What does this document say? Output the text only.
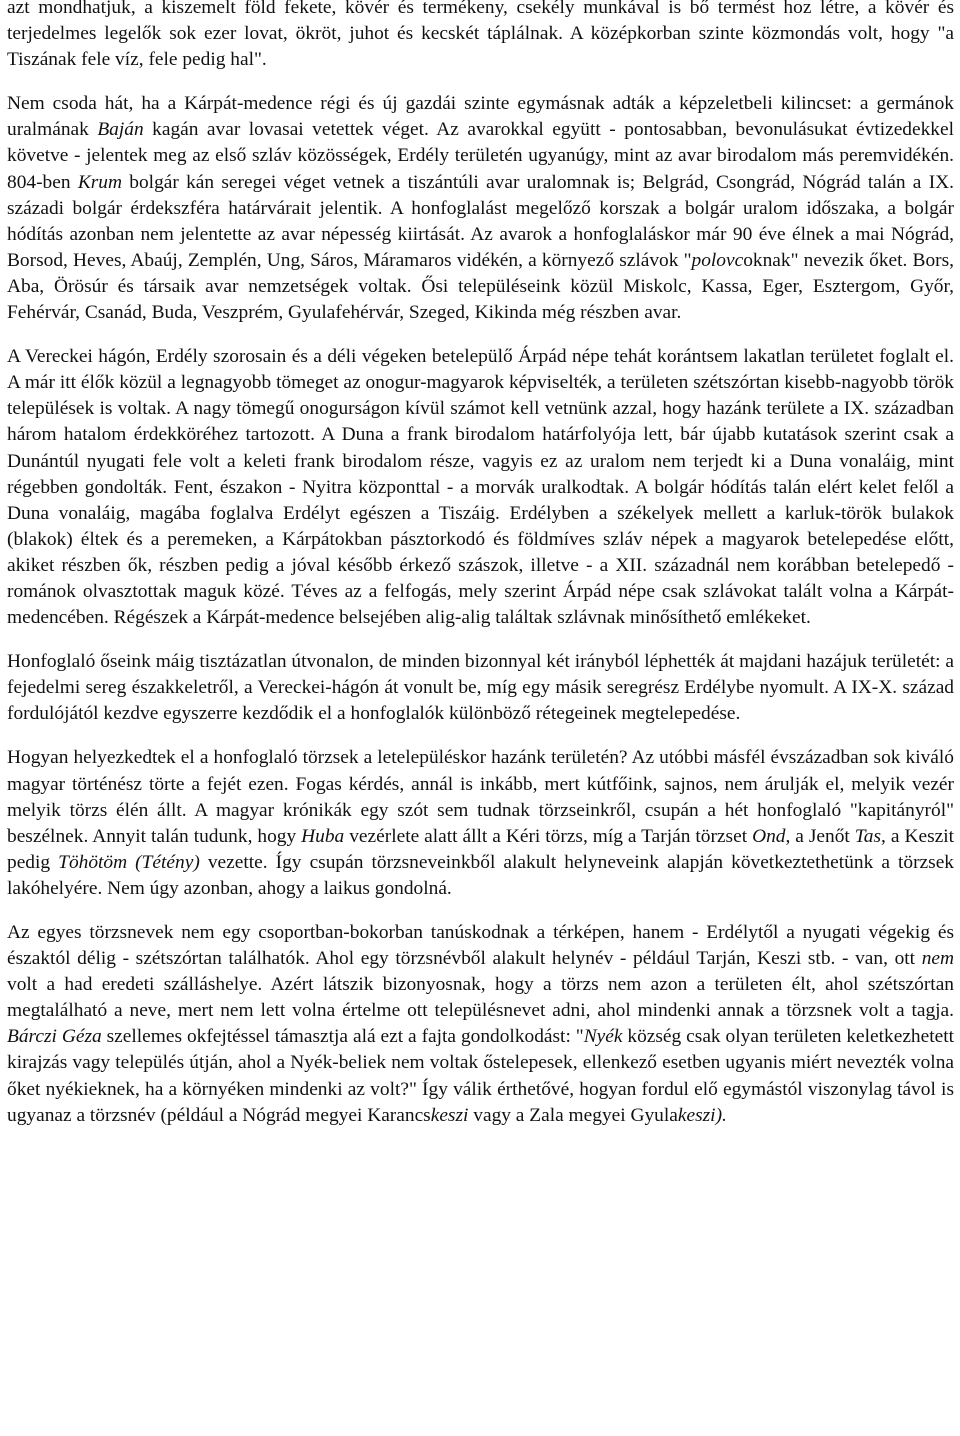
azt mondhatjuk, a kiszemelt föld fekete, kövér és termékeny, csekély munkával is bő termést hoz létre, a kövér és terjedelmes legelők sok ezer lovat, ökröt, juhot és kecskét táplálnak. A középkorban szinte közmondás volt, hogy "a Tiszának fele víz, fele pedig hal".

Nem csoda hát, ha a Kárpát-medence régi és új gazdái szinte egymásnak adták a képzeletbeli kilincset: a germánok uralmának Baján kagán avar lovasai vetettek véget. Az avarokkal együtt - pontosabban, bevonulásukat évtizedekkel követve - jelentek meg az első szláv közösségek, Erdély területén ugyanúgy, mint az avar birodalom más peremvidékén. 804-ben Krum bolgár kán seregei véget vetnek a tiszántúli avar uralomnak is; Belgrád, Csongrád, Nógrád talán a IX. századi bolgár érdekszféra határvárait jelentik. A honfoglalást megelőző korszak a bolgár uralom időszaka, a bolgár hódítás azonban nem jelentette az avar népesség kiirtását. Az avarok a honfoglaláskor már 90 éve élnek a mai Nógrád, Borsod, Heves, Abaúj, Zemplén, Ung, Sáros, Máramaros vidékén, a környező szlávok "polovcoknak" nevezik őket. Bors, Aba, Örösúr és társaik avar nemzetségek voltak. Ősi településeink közül Miskolc, Kassa, Eger, Esztergom, Győr, Fehérvár, Csanád, Buda, Veszprém, Gyulafehérvár, Szeged, Kikinda még részben avar.

A Vereckei hágón, Erdély szorosain és a déli végeken betelepülő Árpád népe tehát korántsem lakatlan területet foglalt el. A már itt élők közül a legnagyobb tömeget az onogur-magyarok képviselték, a területen szétszórtan kisebb-nagyobb török települések is voltak. A nagy tömegű onogurságon kívül számot kell vetnünk azzal, hogy hazánk területe a IX. században három hatalom érdekköréhez tartozott. A Duna a frank birodalom határfolyója lett, bár újabb kutatások szerint csak a Dunántúl nyugati fele volt a keleti frank birodalom része, vagyis ez az uralom nem terjedt ki a Duna vonaláig, mint régebben gondolták. Fent, északon - Nyitra központtal - a morvák uralkodtak. A bolgár hódítás talán elért kelet felől a Duna vonaláig, magába foglalva Erdélyt egészen a Tiszáig. Erdélyben a székelyek mellett a karluk-török bulakok (blakok) éltek és a peremeken, a Kárpátokban pásztorkodó és földmíves szláv népek a magyarok betelepedése előtt, akiket részben ők, részben pedig a jóval később érkező szászok, illetve - a XII. századnál nem korábban betelepedő - románok olvasztottak maguk közé. Téves az a felfogás, mely szerint Árpád népe csak szlávokat talált volna a Kárpát-medencében. Régészek a Kárpát-medence belsejében alig-alig találtak szlávnak minősíthető emlékeket.

Honfoglaló őseink máig tisztázatlan útvonalon, de minden bizonnyal két irányból léphették át majdani hazájuk területét: a fejedelmi sereg északkeletről, a Vereckei-hágón át vonult be, míg egy másik seregrész Erdélybe nyomult. A IX-X. század fordulójától kezdve egyszerre kezdődik el a honfoglalók különböző rétegeinek megtelepedése.

Hogyan helyezkedtek el a honfoglaló törzsek a letelepüléskor hazánk területén? Az utóbbi másfél évszázadban sok kiváló magyar történész törte a fejét ezen. Fogas kérdés, annál is inkább, mert kútfőink, sajnos, nem árulják el, melyik vezér melyik törzs élén állt. A magyar krónikák egy szót sem tudnak törzseinkről, csupán a hét honfoglaló "kapitányról" beszélnek. Annyit talán tudunk, hogy Huba vezérlete alatt állt a Kéri törzs, míg a Tarján törzset Ond, a Jenőt Tas, a Keszit pedig Töhötöm (Tétény) vezette. Így csupán törzsneveinkből alakult helyneveink alapján következtethetünk a törzsek lakóhelyére. Nem úgy azonban, ahogy a laikus gondolná.

Az egyes törzsnevek nem egy csoportban-bokorban tanúskodnak a térképen, hanem - Erdélytől a nyugati végekig és északtól délig - szétszórtan találhatók. Ahol egy törzsnévből alakult helynév - például Tarján, Keszi stb. - van, ott nem volt a had eredeti szálláshelye. Azért látszik bizonyosnak, hogy a törzs nem azon a területen élt, ahol szétszórtan megtalálható a neve, mert nem lett volna értelme ott településnevet adni, ahol mindenki annak a törzsnek volt a tagja. Bárczi Géza szellemes okfejtéssel támasztja alá ezt a fajta gondolkodást: "Nyék község csak olyan területen keletkezhetett kirajzás vagy település útján, ahol a Nyék-beliek nem voltak őstelepesek, ellenkező esetben ugyanis miért nevezték volna őket nyékieknek, ha a környéken mindenki az volt?" Így válik érthetővé, hogyan fordul elő egymástól viszonylag távol is ugyanaz a törzsnév (például a Nógrád megyei Karancskeszi vagy a Zala megyei Gyulakeszi).
